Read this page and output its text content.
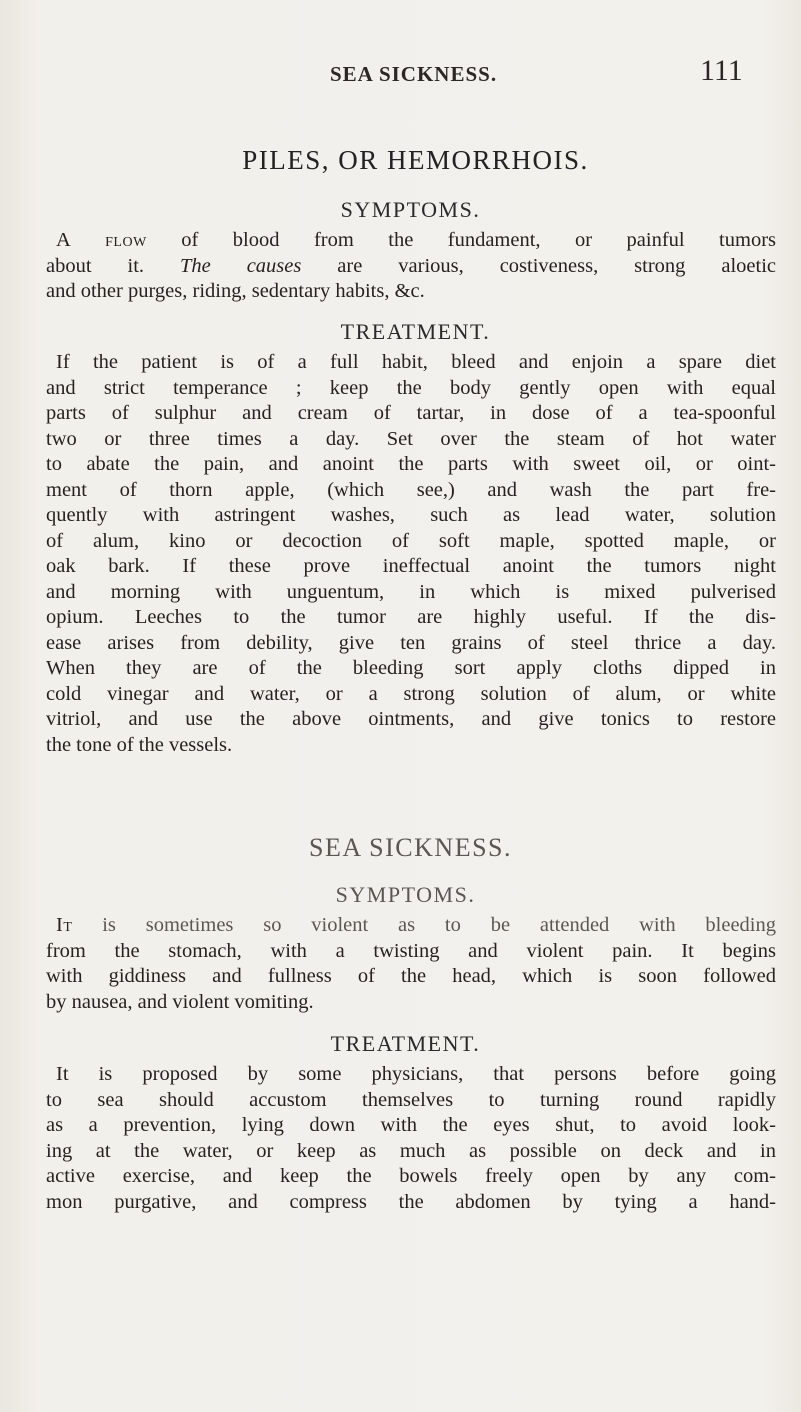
SEA SICKNESS.	111
PILES, OR HEMORRHOIS.
SYMPTOMS.
A flow of blood from the fundament, or painful tumors
about it. The causes are various, costiveness, strong aloetic
and other purges, riding, sedentary habits, &c.
TREATMENT.
If the patient is of a full habit, bleed and enjoin a spare diet
and strict temperance ; keep the body gently open with equal
parts of sulphur and cream of tartar, in dose of a tea-spoonful
two or three times a day. Set over the steam of hot water
to abate the pain, and anoint the parts with sweet oil, or oint-
ment of thorn apple, (which see,) and wash the part fre-
quently with astringent washes, such as lead water, solution
of alum, kino or decoction of soft maple, spotted maple, or
oak bark. If these prove ineffectual anoint the tumors night
and morning with unguentum, in which is mixed pulverised
opium. Leeches to the tumor are highly useful. If the dis-
ease arises from debility, give ten grains of steel thrice a day.
When they are of the bleeding sort apply cloths dipped in
cold vinegar and water, or a strong solution of alum, or white
vitriol, and use the above ointments, and give tonics to restore
the tone of the vessels.
SEA SICKNESS.
SYMPTOMS.
It is sometimes so violent as to be attended with bleeding
from the stomach, with a twisting and violent pain. It begins
with giddiness and fullness of the head, which is soon followed
by nausea, and violent vomiting.
TREATMENT.
It is proposed by some physicians, that persons before going
to sea should accustom themselves to turning round rapidly
as a prevention, lying down with the eyes shut, to avoid look-
ing at the water, or keep as much as possible on deck and in
active exercise, and keep the bowels freely open by any com-
mon purgative, and compress the abdomen by tying a hand-
